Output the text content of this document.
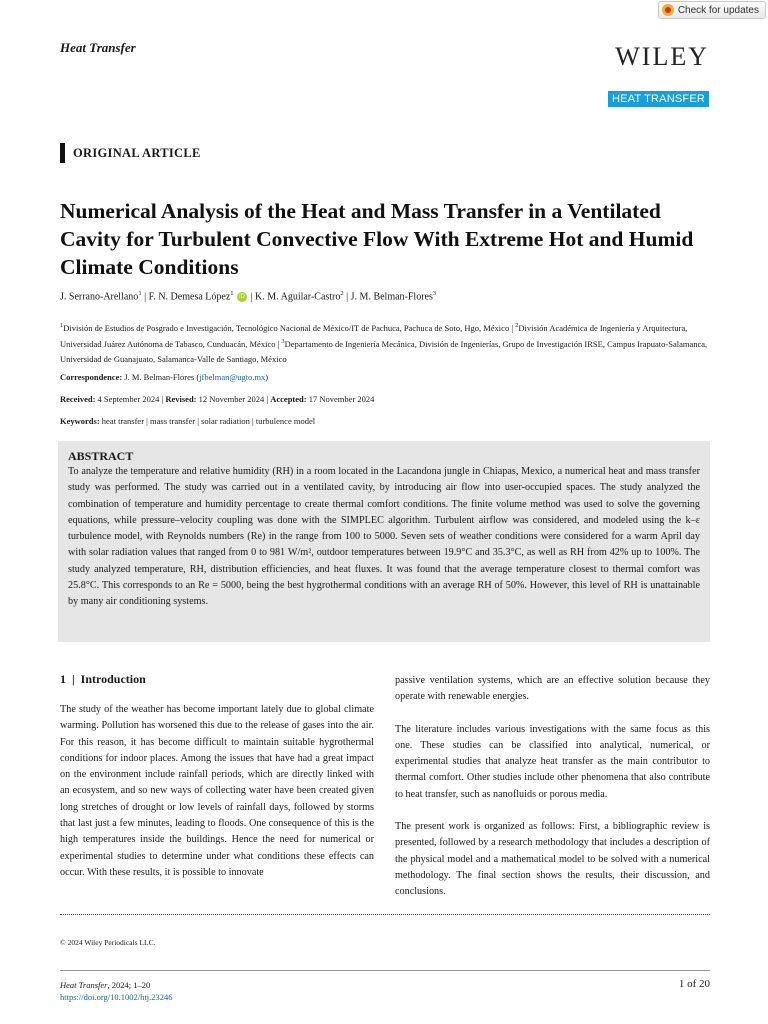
Check for updates
Heat Transfer	WILEY
HEAT TRANSFER
ORIGINAL ARTICLE
Numerical Analysis of the Heat and Mass Transfer in a Ventilated Cavity for Turbulent Convective Flow With Extreme Hot and Humid Climate Conditions
J. Serrano-Arellano$^1$ | F. N. Demesa López$^1$ iD | K. M. Aguilar-Castro$^2$ | J. M. Belman-Flores$^3$
$^1$División de Estudios de Posgrado e Investigación, Tecnológico Nacional de México/IT de Pachuca, Pachuca de Soto, Hgo, México | $^2$División Académica de Ingeniería y Arquitectura, Universidad Juárez Autónoma de Tabasco, Cunduacán, México | $^3$Departamento de Ingeniería Mecánica, División de Ingenierías, Grupo de Investigación IRSE, Campus Irapuato-Salamanca, Universidad de Guanajuato, Salamanca-Valle de Santiago, México
Correspondence: J. M. Belman-Flores (jfbelman@ugto.mx)
Received: 4 September 2024 | Revised: 12 November 2024 | Accepted: 17 November 2024
Keywords: heat transfer | mass transfer | solar radiation | turbulence model

ABSTRACT

To analyze the temperature and relative humidity (RH) in a room located in the Lacandona jungle in Chiapas, Mexico, a numerical heat and mass transfer study was performed. The study was carried out in a ventilated cavity, by introducing air flow into user-occupied spaces. The study analyzed the combination of temperature and humidity percentage to create thermal comfort conditions. The finite volume method was used to solve the governing equations, while pressure–velocity coupling was done with the SIMPLEC algorithm. Turbulent airflow was considered, and modeled using the k–ε turbulence model, with Reynolds numbers (Re) in the range from 100 to 5000. Seven sets of weather conditions were considered for a warm April day with solar radiation values that ranged from 0 to 981 W/m², outdoor temperatures between 19.9°C and 35.3°C, as well as RH from 42% up to 100%. The study analyzed temperature, RH, distribution efficiencies, and heat fluxes. It was found that the average temperature closest to thermal comfort was 25.8°C. This corresponds to an Re = 5000, being the best hygrothermal conditions with an average RH of 50%. However, this level of RH is unattainable by many air conditioning systems.

1 | Introduction

The study of the weather has become important lately due to global climate warming. Pollution has worsened this due to the release of gases into the air. For this reason, it has become difficult to maintain suitable hygrothermal conditions for indoor places. Among the issues that have had a great impact on the environment include rainfall periods, which are directly linked with an ecosystem, and so new ways of collecting water have been created given long stretches of drought or low levels of rainfall days, followed by storms that last just a few minutes, leading to floods. One consequence of this is the high temperatures inside the buildings. Hence the need for numerical or experimental studies to determine under what conditions these effects can occur. With these results, it is possible to innovate

passive ventilation systems, which are an effective solution because they operate with renewable energies.

The literature includes various investigations with the same focus as this one. These studies can be classified into analytical, numerical, or experimental studies that analyze heat transfer as the main contributor to thermal comfort. Other studies include other phenomena that also contribute to heat transfer, such as nanofluids or porous media.

The present work is organized as follows: First, a bibliographic review is presented, followed by a research methodology that includes a description of the physical model and a mathematical model to be solved with a numerical methodology. The final section shows the results, their discussion, and conclusions.

© 2024 Wiley Periodicals LLC.
Heat Transfer, 2024; 1–20
https://doi.org/10.1002/htj.23246
1 of 20
